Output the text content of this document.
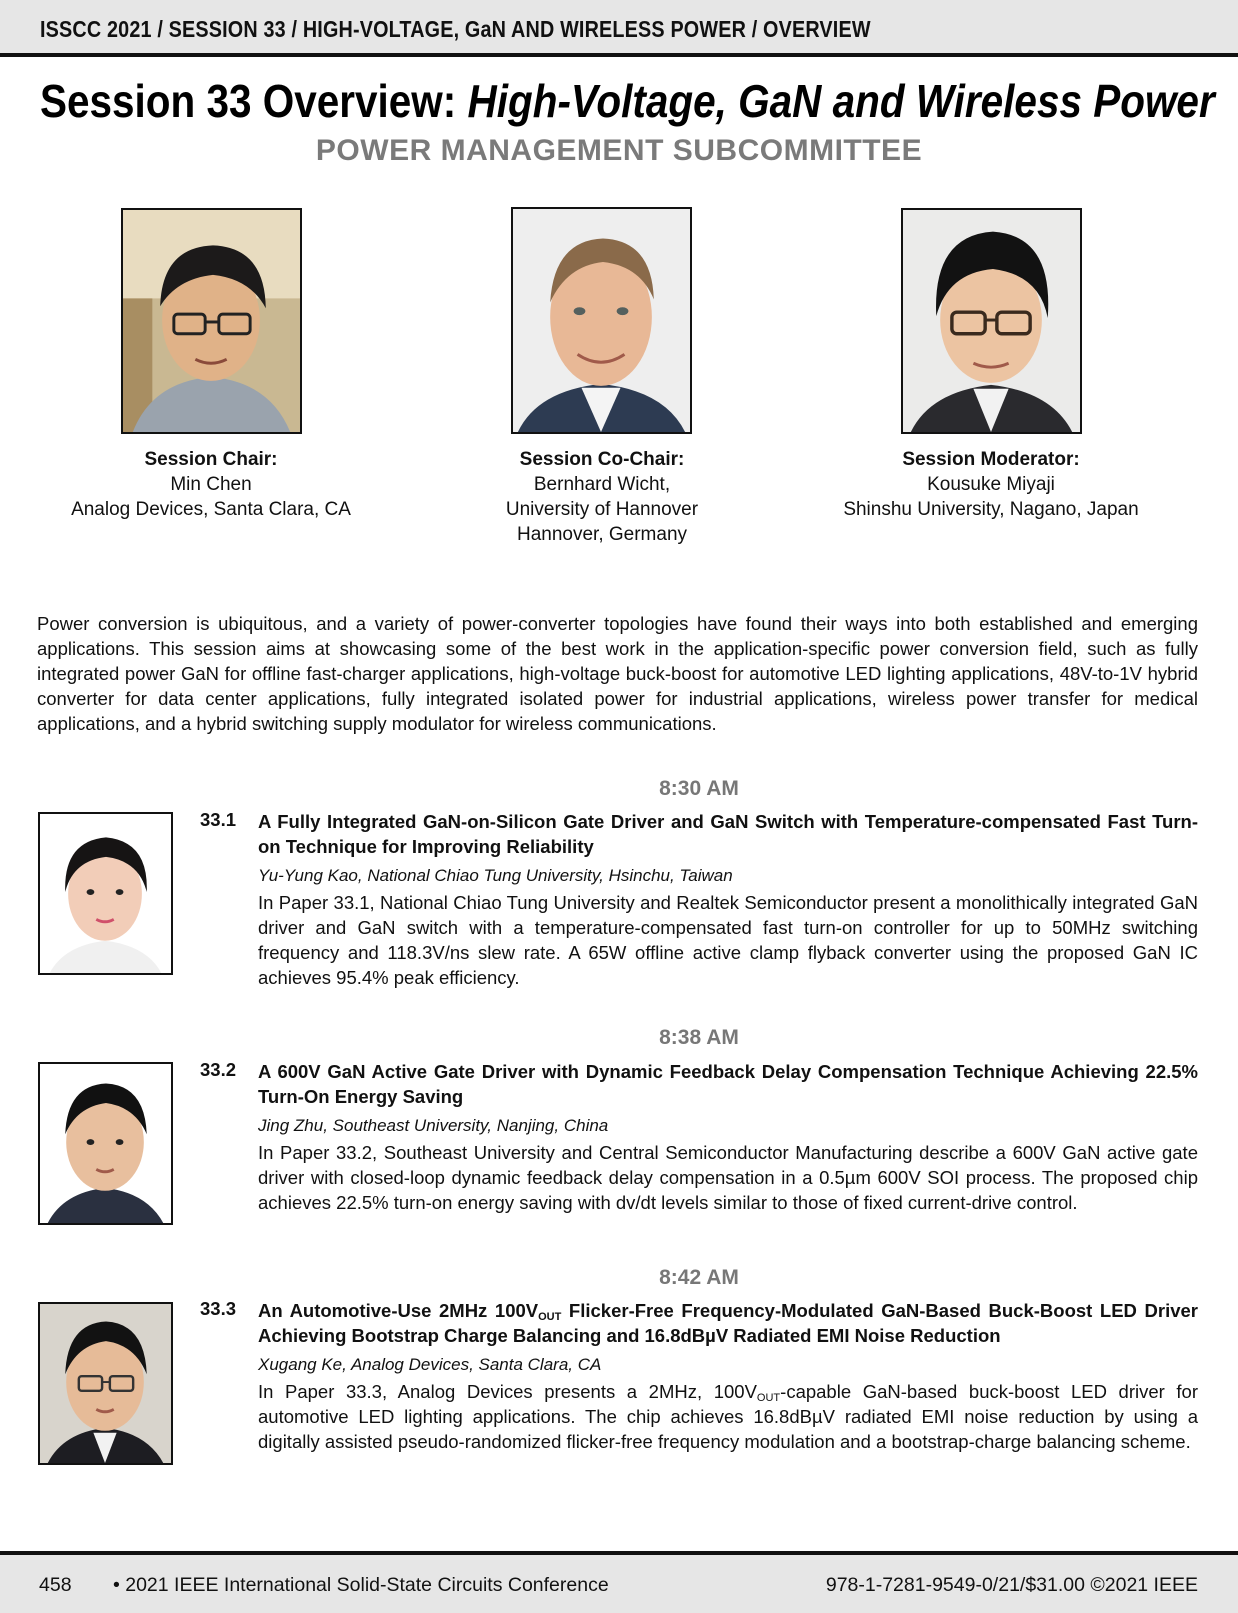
ISSCC 2021 / SESSION 33 / HIGH-VOLTAGE, GaN AND WIRELESS POWER / OVERVIEW
Session 33 Overview: High-Voltage, GaN and Wireless Power
POWER MANAGEMENT SUBCOMMITTEE
Session Chair:
Min Chen
Analog Devices, Santa Clara, CA
Session Co-Chair:
Bernhard Wicht,
University of Hannover
Hannover, Germany
Session Moderator:
Kousuke Miyaji
Shinshu University, Nagano, Japan
Power conversion is ubiquitous, and a variety of power-converter topologies have found their ways into both established and emerging applications. This session aims at showcasing some of the best work in the application-specific power conversion field, such as fully integrated power GaN for offline fast-charger applications, high-voltage buck-boost for automotive LED lighting applications, 48V-to-1V hybrid converter for data center applications, fully integrated isolated power for industrial applications, wireless power transfer for medical applications, and a hybrid switching supply modulator for wireless communications.
8:30 AM
33.1 A Fully Integrated GaN-on-Silicon Gate Driver and GaN Switch with Temperature-compensated Fast Turn-on Technique for Improving Reliability
Yu-Yung Kao, National Chiao Tung University, Hsinchu, Taiwan
In Paper 33.1, National Chiao Tung University and Realtek Semiconductor present a monolithically integrated GaN driver and GaN switch with a temperature-compensated fast turn-on controller for up to 50MHz switching frequency and 118.3V/ns slew rate. A 65W offline active clamp flyback converter using the proposed GaN IC achieves 95.4% peak efficiency.
8:38 AM
33.2 A 600V GaN Active Gate Driver with Dynamic Feedback Delay Compensation Technique Achieving 22.5% Turn-On Energy Saving
Jing Zhu, Southeast University, Nanjing, China
In Paper 33.2, Southeast University and Central Semiconductor Manufacturing describe a 600V GaN active gate driver with closed-loop dynamic feedback delay compensation in a 0.5µm 600V SOI process. The proposed chip achieves 22.5% turn-on energy saving with dv/dt levels similar to those of fixed current-drive control.
8:42 AM
33.3 An Automotive-Use 2MHz $100V_{OUT}$ Flicker-Free Frequency-Modulated GaN-Based Buck-Boost LED Driver Achieving Bootstrap Charge Balancing and 16.8dBµV Radiated EMI Noise Reduction
Xugang Ke, Analog Devices, Santa Clara, CA
In Paper 33.3, Analog Devices presents a 2MHz, $100V_{OUT}$-capable GaN-based buck-boost LED driver for automotive LED lighting applications. The chip achieves 16.8dBµV radiated EMI noise reduction by using a digitally assisted pseudo-randomized flicker-free frequency modulation and a bootstrap-charge balancing scheme.
458 • 2021 IEEE International Solid-State Circuits Conference	978-1-7281-9549-0/21/$31.00 ©2021 IEEE
